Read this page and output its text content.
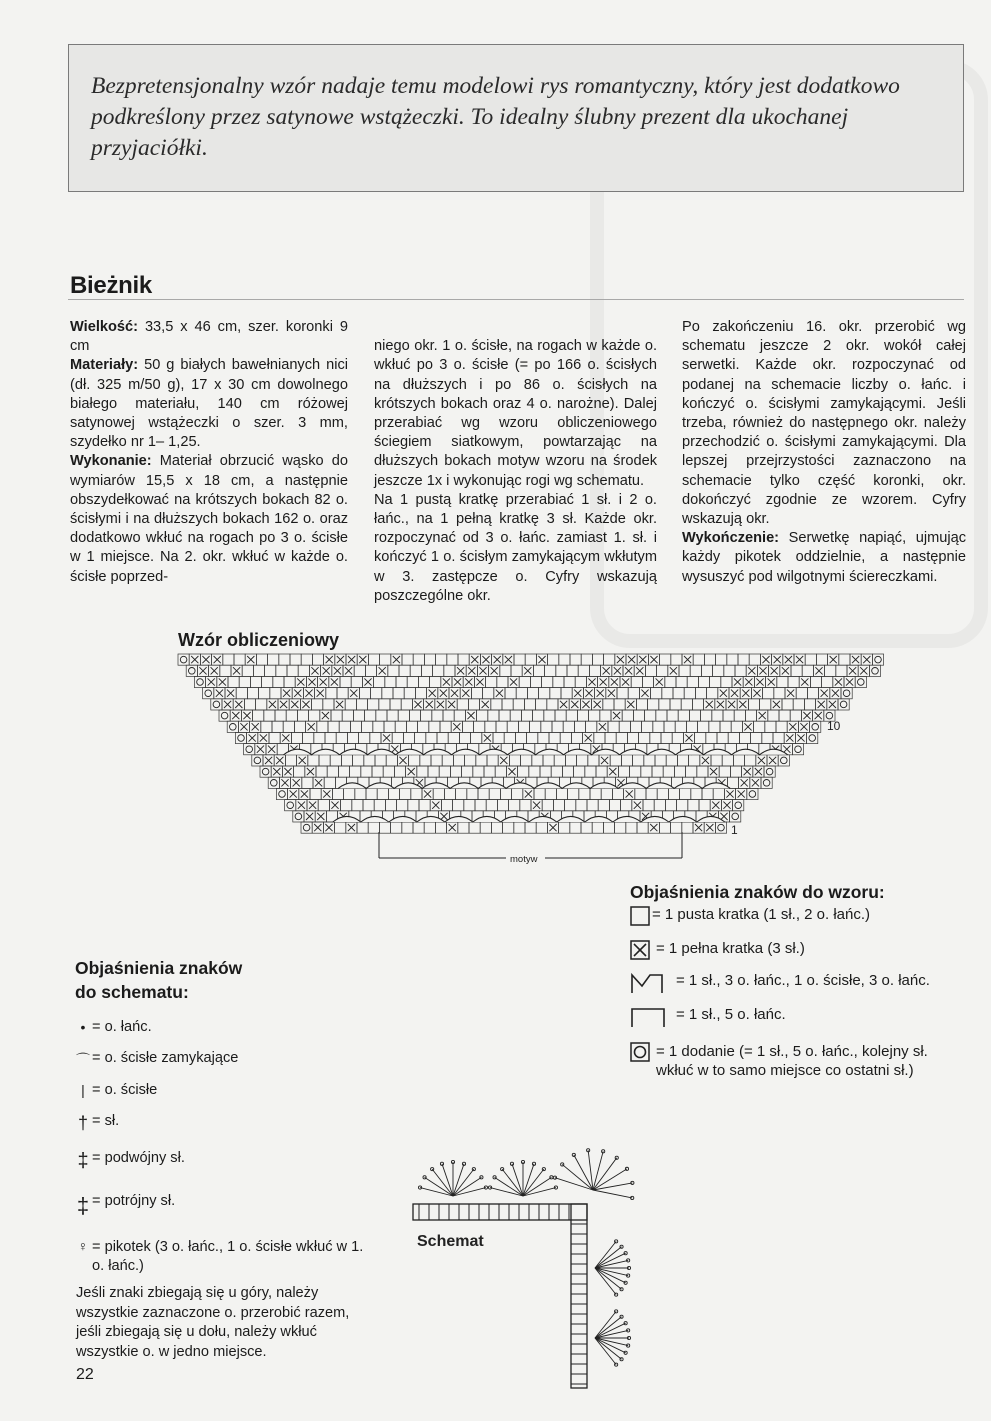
Bezpretensjonalny wzór nadaje temu modelowi rys romantyczny, który jest dodatkowo podkreślony przez satynowe wstążeczki. To idealny ślubny prezent dla ukochanej przyjaciółki.

Bieżnik
Wielkość: 33,5 x 46 cm, szer. koronki 9 cm
Materiały: 50 g białych bawełnianych nici (dł. 325 m/50 g), 17 x 30 cm dowolnego białego materiału, 140 cm różowej satynowej wstążeczki o szer. 3 mm, szydełko nr 1– 1,25.
Wykonanie: Materiał obrzucić wąsko do wymiarów 15,5 x 18 cm, a następnie obszydełkować na krótszych bokach 82 o. ścisłymi i na dłuższych bokach 162 o. oraz dodatkowo wkłuć na rogach po 3 o. ścisłe w 1 miejsce. Na 2. okr. wkłuć w każde o. ścisłe poprzed-

niego okr. 1 o. ścisłe, na rogach w każde o. wkłuć po 3 o. ścisłe (= po 166 o. ścisłych na dłuższych i po 86 o. ścisłych na krótszych bokach oraz 4 o. narożne). Dalej przerabiać wg wzoru obliczeniowego ściegiem siatkowym, powtarzając na dłuższych bokach motyw wzoru na środek jeszcze 1x i wykonując rogi wg schematu.
Na 1 pustą kratkę przerabiać 1 sł. i 2 o. łańc., na 1 pełną kratkę 3 sł. Każde okr. rozpoczynać od 3 o. łańc. zamiast 1. sł. i kończyć 1 o. ścisłym zamykającym wkłutym w 3. zastępcze o. Cyfry wskazują poszczególne okr.

Po zakończeniu 16. okr. przerobić wg schematu jeszcze 2 okr. wokół całej serwetki. Każde okr. rozpoczynać od podanej na schemacie liczby o. łańc. i kończyć o. ścisłymi zamykającymi. Jeśli trzeba, również do następnego okr. należy przechodzić o. ścisłymi zamykającymi. Dla lepszej przejrzystości zaznaczono na schemacie tylko część koronki, okr. dokończyć zgodnie ze wzorem. Cyfry wskazują okr.
Wykończenie: Serwetkę napiąć, ujmując każdy pikotek oddzielnie, a następnie wysuszyć pod wilgotnymi ściereczkami.
Wzór obliczeniowy
10
1
motyw
Objaśnienia znaków do wzoru:
= 1 pusta kratka (1 sł., 2 o. łańc.)
= 1 pełna kratka (3 sł.)
= 1 sł., 3 o. łańc., 1 o. ścisłe, 3 o. łańc.
= 1 sł., 5 o. łańc.
= 1 dodanie (= 1 sł., 5 o. łańc., kolejny sł. wkłuć w to samo miejsce co ostatni sł.)
Objaśnienia znaków
do schematu:
• = o. łańc.
⌒ = o. ścisłe zamykające
| = o. ścisłe
† = sł.
‡ = podwójny sł.
‡ = potrójny sł.
♀ = pikotek (3 o. łańc., 1 o. ścisłe wkłuć w 1. o. łańc.)
Jeśli znaki zbiegają się u góry, należy wszystkie zaznaczone o. przerobić razem, jeśli zbiegają się u dołu, należy wkłuć wszystkie o. w jedno miejsce.
Schemat
22
